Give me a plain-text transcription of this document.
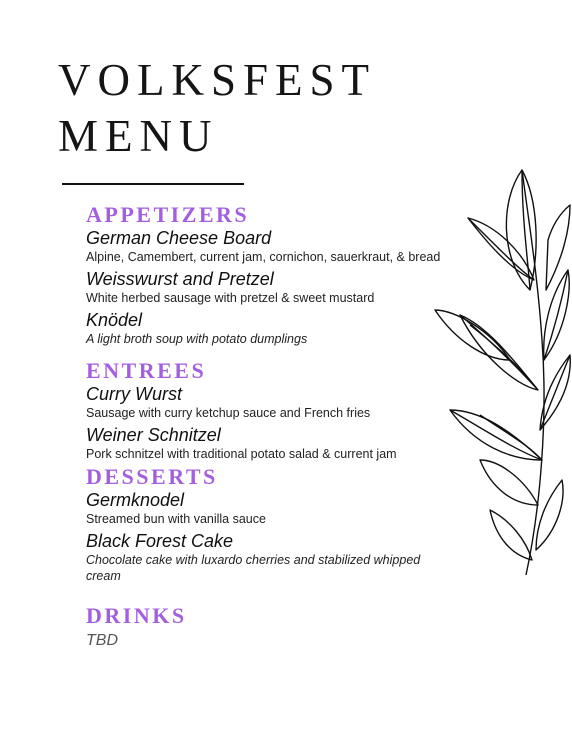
VOLKSFEST
MENU
APPETIZERS

German Cheese Board

Alpine, Camembert, current jam, cornichon, sauerkraut, & bread

Weisswurst and Pretzel

White herbed sausage with pretzel & sweet mustard

Knödel

A light broth soup with potato dumplings

ENTREES

Curry Wurst

Sausage with curry ketchup sauce and French fries

Weiner Schnitzel

Pork schnitzel with traditional potato salad & current jam

DESSERTS

Germknodel

Streamed bun with vanilla sauce

Black Forest Cake

Chocolate cake with luxardo cherries and stabilized whipped cream

DRINKS
TBD
